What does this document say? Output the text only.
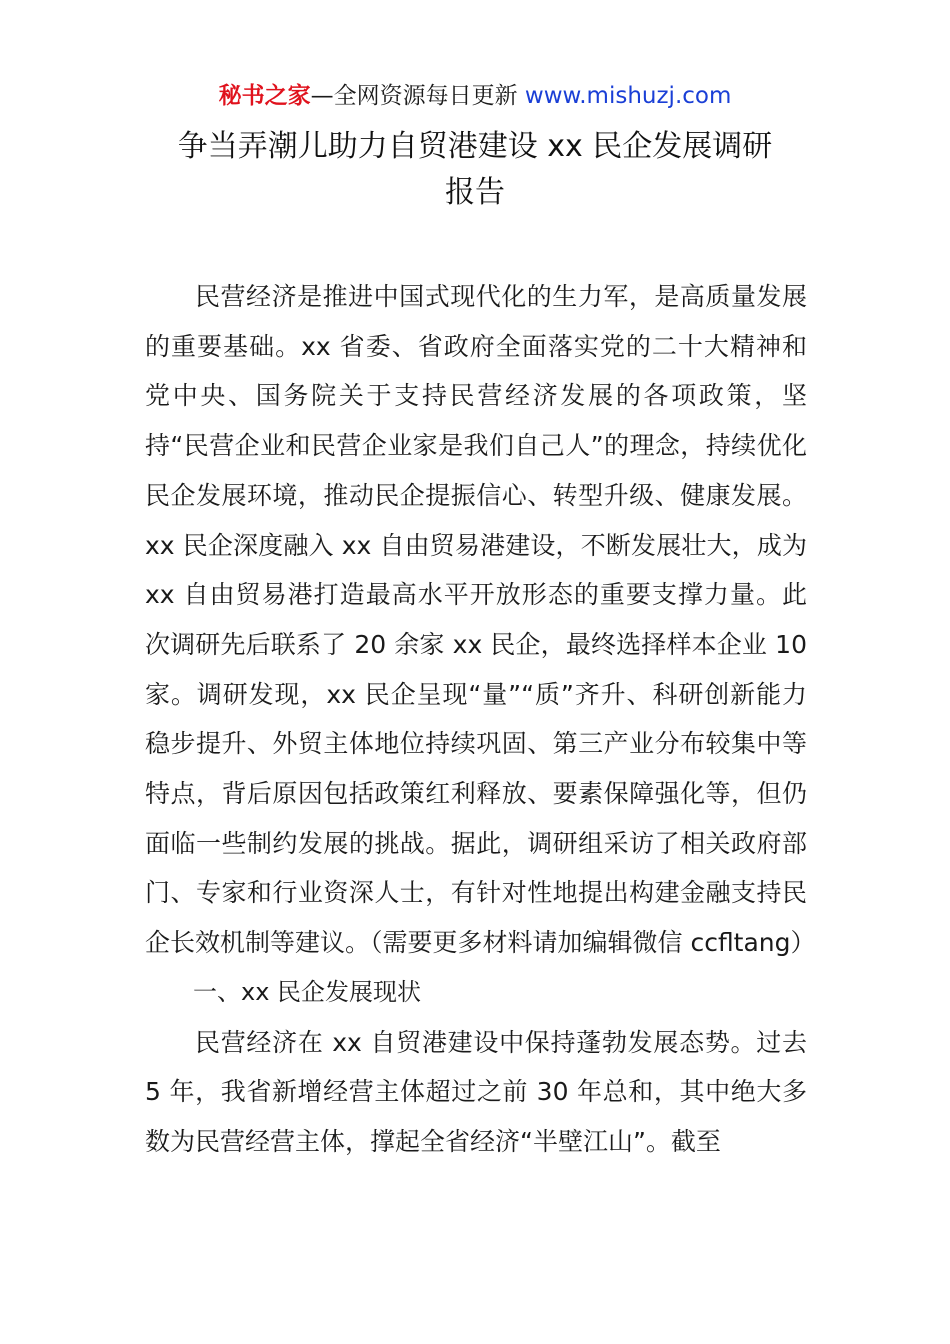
秘书之家—全网资源每日更新 www.mishuzj.com
争当弄潮儿助力自贸港建设 xx 民企发展调研
报告

民营经济是推进中国式现代化的生力军，是高质量发展的重要基础。xx 省委、省政府全面落实党的二十大精神和党中央、国务院关于支持民营经济发展的各项政策，坚持“民营企业和民营企业家是我们自己人”的理念，持续优化民企发展环境，推动民企提振信心、转型升级、健康发展。xx 民企深度融入 xx 自由贸易港建设，不断发展壮大，成为 xx 自由贸易港打造最高水平开放形态的重要支撑力量。此次调研先后联系了 20 余家 xx 民企，最终选择样本企业 10 家。调研发现，xx 民企呈现“量”“质”齐升、科研创新能力稳步提升、外贸主体地位持续巩固、第三产业分布较集中等特点，背后原因包括政策红利释放、要素保障强化等，但仍面临一些制约发展的挑战。据此，调研组采访了相关政府部门、专家和行业资深人士，有针对性地提出构建金融支持民企长效机制等建议。（需要更多材料请加编辑微信 ccfltang）

一、xx 民企发展现状

民营经济在 xx 自贸港建设中保持蓬勃发展态势。过去 5 年，我省新增经营主体超过之前 30 年总和，其中绝大多数为民营经营主体，撑起全省经济“半壁江山”。截至
